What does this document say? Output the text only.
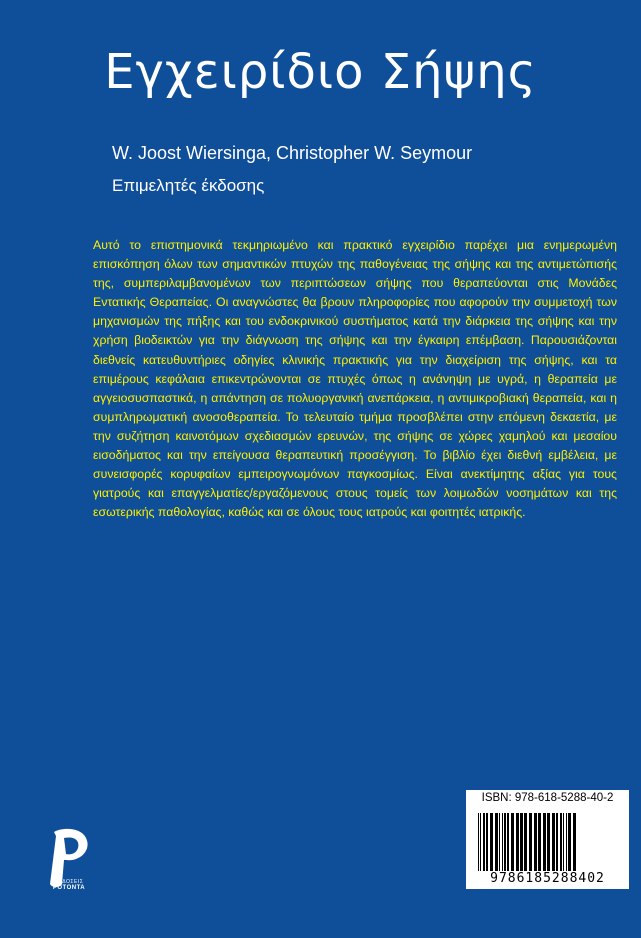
Εγχειρίδιο Σήψης
W. Joost Wiersinga, Christopher W. Seymour
Επιμελητές έκδοσης
Αυτό το επιστημονικά τεκμηριωμένο και πρακτικό εγχειρίδιο παρέχει μια ενημερωμένη επισκόπηση όλων των σημαντικών πτυχών της παθογένειας της σήψης και της αντιμετώπισής της, συμπεριλαμβανομένων των περιπτώσεων σήψης που θεραπεύονται στις Μονάδες Εντατικής Θεραπείας. Οι αναγνώστες θα βρουν πληροφορίες που αφορούν την συμμετοχή των μηχανισμών της πήξης και του ενδοκρινικού συστήματος κατά την διάρκεια της σήψης και την χρήση βιοδεικτών για την διάγνωση της σήψης και την έγκαιρη επέμβαση. Παρουσιάζονται διεθνείς κατευθυντήριες οδηγίες κλινικής πρακτικής για την διαχείριση της σήψης, και τα επιμέρους κεφάλαια επικεντρώνονται σε πτυχές όπως η ανάνηψη με υγρά, η θεραπεία με αγγειοσυσπαστικά, η απάντηση σε πολυοργανική ανεπάρκεια, η αντιμικροβιακή θεραπεία, και η συμπληρωματική ανοσοθεραπεία. Το τελευταίο τμήμα προσβλέπει στην επόμενη δεκαετία, με την συζήτηση καινοτόμων σχεδιασμών ερευνών, της σήψης σε χώρες χαμηλού και μεσαίου εισοδήματος και την επείγουσα θεραπευτική προσέγγιση. Το βιβλίο έχει διεθνή εμβέλεια, με συνεισφορές κορυφαίων εμπειρογνωμόνων παγκοσμίως. Είναι ανεκτίμητης αξίας για τους γιατρούς και επαγγελματίες/εργαζόμενους στους τομείς των λοιμωδών νοσημάτων και της εσωτερικής παθολογίας, καθώς και σε όλους τους ιατρούς και φοιτητές ιατρικής.
ISBN: 978-618-5288-40-2
9786185288402
ΕΚΔΟΣΕΙΣ
ΡΟΤΟΝΤΑ
